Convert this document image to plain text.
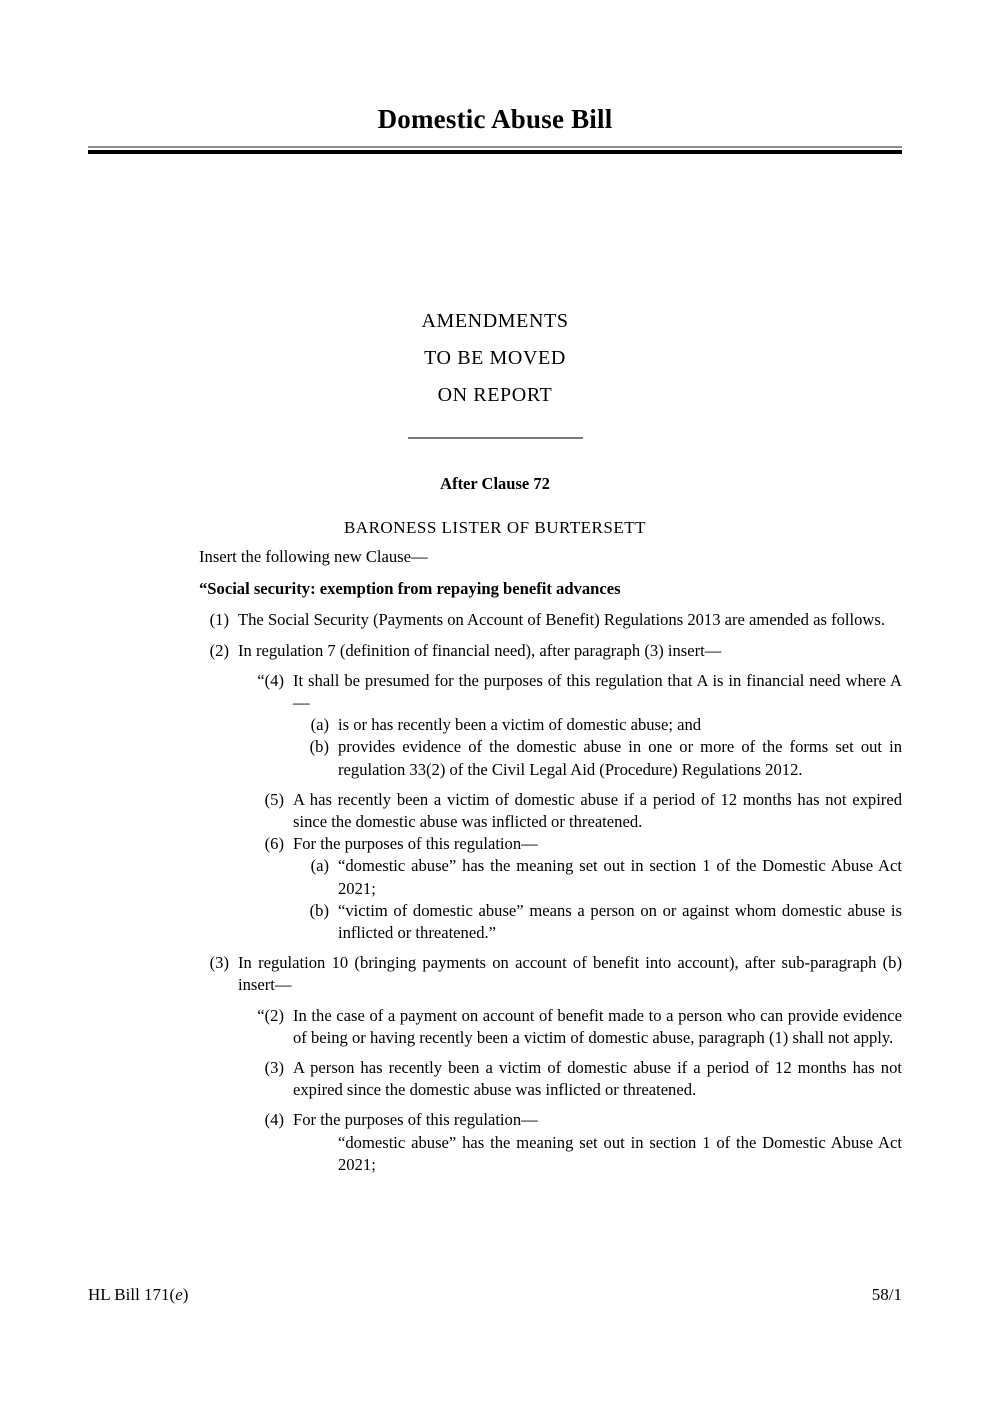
Domestic Abuse Bill
AMENDMENTS
TO BE MOVED
ON REPORT
After Clause 72
BARONESS LISTER OF BURTERSETT
Insert the following new Clause—
“Social security: exemption from repaying benefit advances
(1) The Social Security (Payments on Account of Benefit) Regulations 2013 are amended as follows.
(2) In regulation 7 (definition of financial need), after paragraph (3) insert—
“(4) It shall be presumed for the purposes of this regulation that A is in financial need where A—
(a) is or has recently been a victim of domestic abuse; and
(b) provides evidence of the domestic abuse in one or more of the forms set out in regulation 33(2) of the Civil Legal Aid (Procedure) Regulations 2012.
(5) A has recently been a victim of domestic abuse if a period of 12 months has not expired since the domestic abuse was inflicted or threatened.
(6) For the purposes of this regulation—
(a) “domestic abuse” has the meaning set out in section 1 of the Domestic Abuse Act 2021;
(b) “victim of domestic abuse” means a person on or against whom domestic abuse is inflicted or threatened.”
(3) In regulation 10 (bringing payments on account of benefit into account), after sub-paragraph (b) insert—
“(2) In the case of a payment on account of benefit made to a person who can provide evidence of being or having recently been a victim of domestic abuse, paragraph (1) shall not apply.
(3) A person has recently been a victim of domestic abuse if a period of 12 months has not expired since the domestic abuse was inflicted or threatened.
(4) For the purposes of this regulation—
“domestic abuse” has the meaning set out in section 1 of the Domestic Abuse Act 2021;
HL Bill 171(e)	58/1
